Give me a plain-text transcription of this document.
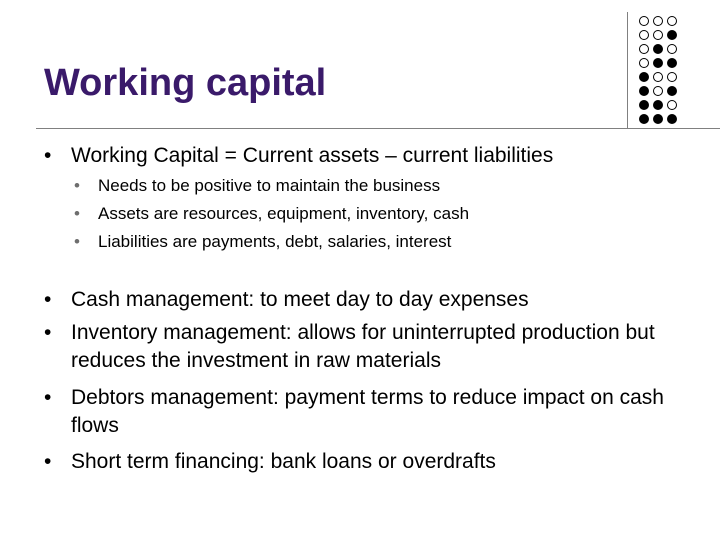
Working capital
• Working Capital = Current assets – current liabilities
•	Needs to be positive to maintain the business
•	Assets are resources, equipment, inventory, cash
•	Liabilities are payments, debt, salaries, interest
• Cash management: to meet day to day expenses
• Inventory management: allows for uninterrupted production but reduces the investment in raw materials
• Debtors management: payment terms to reduce impact on cash flows
• Short term financing: bank loans or overdrafts
